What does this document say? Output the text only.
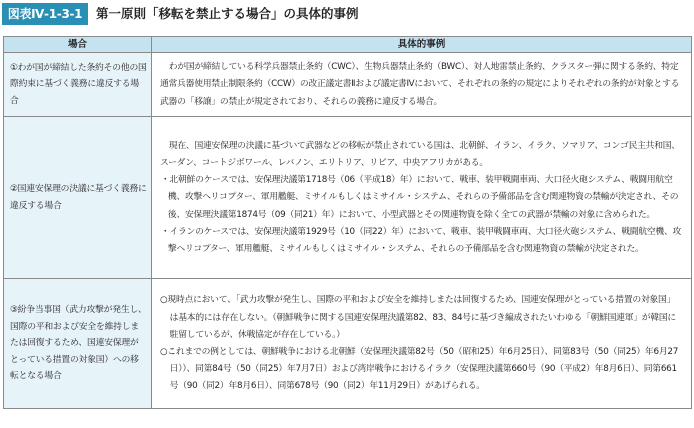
図表Ⅳ-1-3-1	第一原則「移転を禁止する場合」の具体的事例
場合	具体的事例
①わが国が締結した条約その他の国際約束に基づく義務に違反する場合	わが国が締結している科学兵器禁止条約（CWC）、生物兵器禁止条約（BWC）、対人地雷禁止条約、クラスター弾に関する条約、特定通常兵器使用禁止制限条約（CCW）の改正議定書Ⅱおよび議定書Ⅳにおいて、それぞれの条約の規定によりそれぞれの条約が対象とする武器の「移譲」の禁止が規定されており、それらの義務に違反する場合。

②国連安保理の決議に基づく義務に違反する場合	現在、国連安保理の決議に基づいて武器などの移転が禁止されている国は、北朝鮮、イラン、イラク、ソマリア、コンゴ民主共和国、スーダン、コートジボワール、レバノン、エリトリア、リビア、中央アフリカがある。

・北朝鮮のケースでは、安保理決議第1718号（06（平成18）年）において、戦車、装甲戦闘車両、大口径火砲システム、戦闘用航空機、攻撃ヘリコプター、軍用艦艇、ミサイルもしくはミサイル・システム、それらの予備部品を含む関連物資の禁輸が決定され、その後、安保理決議第1874号（09（同21）年）において、小型武器とその関連物資を除く全ての武器が禁輸の対象に含められた。

・イランのケースでは、安保理決議第1929号（10（同22）年）において、戦車、装甲戦闘車両、大口径火砲システム、戦闘航空機、攻撃ヘリコプター、軍用艦艇、ミサイルもしくはミサイル・システム、それらの予備部品を含む関連物資の禁輸が決定された。

③紛争当事国（武力攻撃が発生し、国際の平和および安全を維持しまたは回復するため、国連安保理がとっている措置の対象国）への移転となる場合	○現時点において、「武力攻撃が発生し、国際の平和および安全を維持しまたは回復するため、国連安保理がとっている措置の対象国」は基本的には存在しない。（朝鮮戦争に関する国連安保理決議第82、83、84号に基づき編成されたいわゆる「朝鮮国連軍」が韓国に駐留しているが、休戦協定が存在している。）

○これまでの例としては、朝鮮戦争における北朝鮮（安保理決議第82号（50（昭和25）年6月25日）、同第83号（50（同25）年6月27日））、同第84号（50（同25）年7月7日）および湾岸戦争におけるイラク（安保理決議第660号（90（平成2）年8月6日）、同第661号（90（同2）年8月6日）、同第678号（90（同2）年11月29日）があげられる。
